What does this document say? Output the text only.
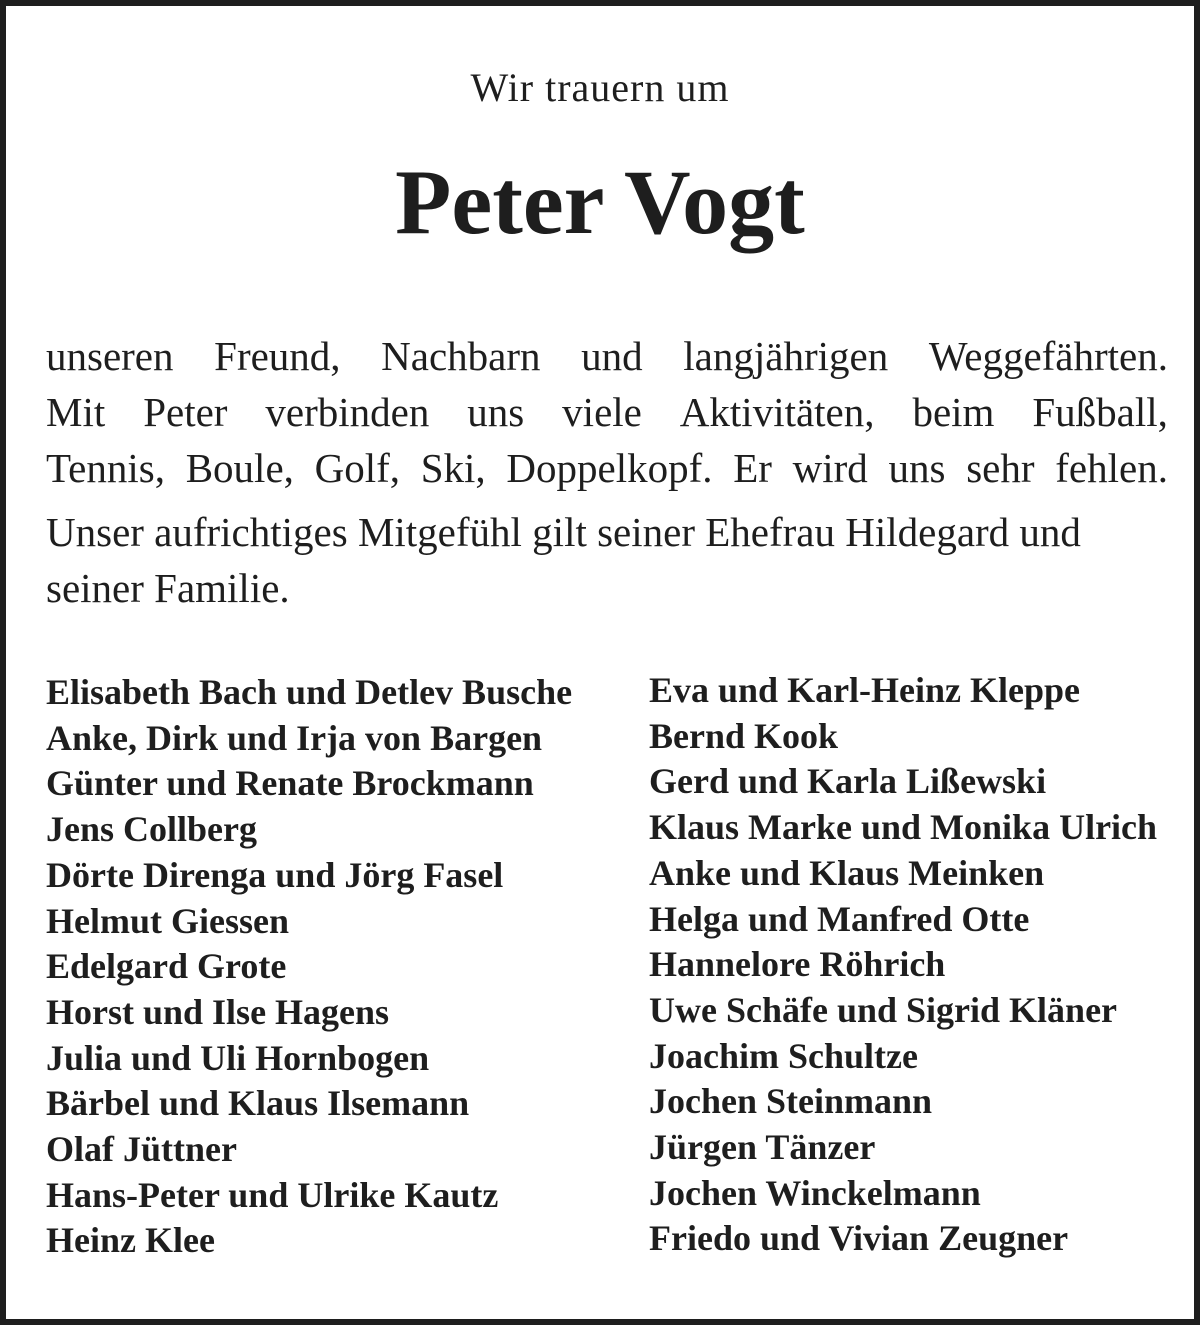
Wir trauern um
Peter Vogt
unseren Freund, Nachbarn und langjährigen Weggefährten.
Mit Peter verbinden uns viele Aktivitäten, beim Fußball,
Tennis, Boule, Golf, Ski, Doppelkopf. Er wird uns sehr fehlen.
Unser aufrichtiges Mitgefühl gilt seiner Ehefrau Hildegard und
seiner Familie.
Elisabeth Bach und Detlev Busche
Anke, Dirk und Irja von Bargen
Günter und Renate Brockmann
Jens Collberg
Dörte Direnga und Jörg Fasel
Helmut Giessen
Edelgard Grote
Horst und Ilse Hagens
Julia und Uli Hornbogen
Bärbel und Klaus Ilsemann
Olaf Jüttner
Hans-Peter und Ulrike Kautz
Heinz Klee
Eva und Karl-Heinz Kleppe
Bernd Kook
Gerd und Karla Lißewski
Klaus Marke und Monika Ulrich
Anke und Klaus Meinken
Helga und Manfred Otte
Hannelore Röhrich
Uwe Schäfe und Sigrid Kläner
Joachim Schultze
Jochen Steinmann
Jürgen Tänzer
Jochen Winckelmann
Friedo und Vivian Zeugner
